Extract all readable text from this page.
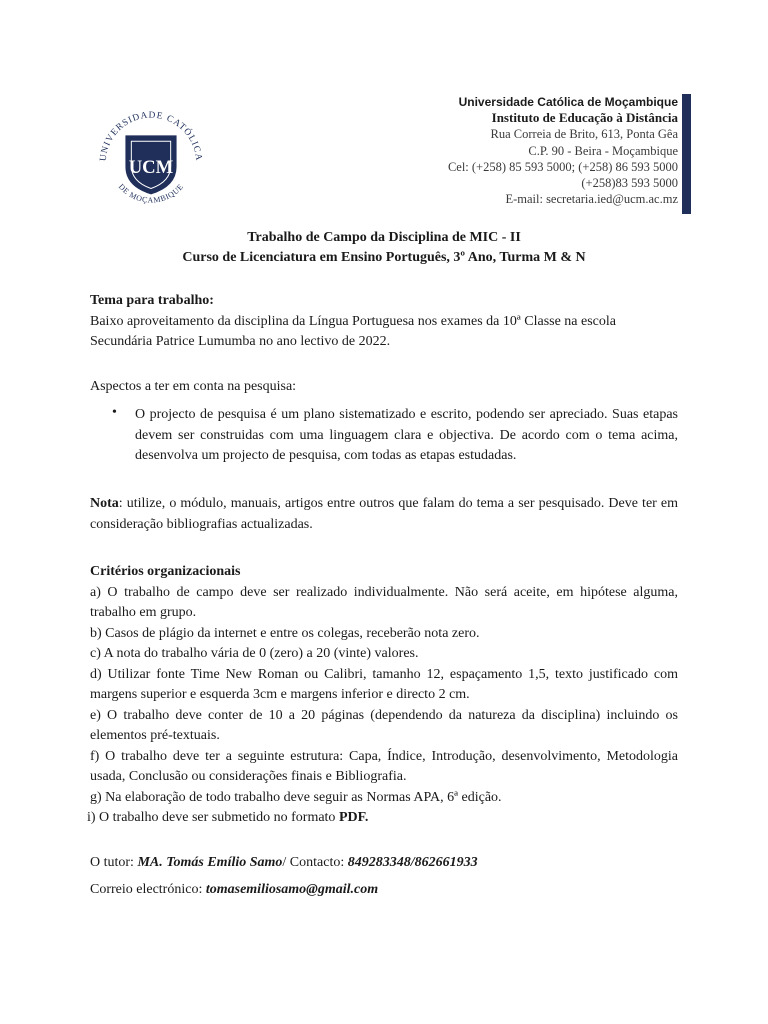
UNIVERSIDADE CATÓLICA
DE MOÇAMBIQUE
UCM
Universidade Católica de Moçambique
Instituto de Educação à Distância
Rua Correia de Brito, 613, Ponta Gêa
C.P. 90 - Beira - Moçambique
Cel: (+258) 85 593 5000; (+258) 86 593 5000
(+258)83 593 5000
E-mail: secretaria.ied@ucm.ac.mz
Trabalho de Campo da Disciplina de MIC - II
Curso de Licenciatura em Ensino Português, 3º Ano, Turma M & N

Tema para trabalho:

Baixo aproveitamento da disciplina da Língua Portuguesa nos exames da 10ª Classe na escola

Secundária Patrice Lumumba no ano lectivo de 2022.

Aspectos a ter em conta na pesquisa:
• O projecto de pesquisa é um plano sistematizado e escrito, podendo ser apreciado. Suas etapas devem ser construidas com uma linguagem clara e objectiva. De acordo com o tema acima, desenvolva um projecto de pesquisa, com todas as etapas estudadas.
Nota: utilize, o módulo, manuais, artigos entre outros que falam do tema a ser pesquisado. Deve ter em consideração bibliografias actualizadas.

Critérios organizacionais

a) O trabalho de campo deve ser realizado individualmente. Não será aceite, em hipótese alguma, trabalho em grupo.

b) Casos de plágio da internet e entre os colegas, receberão nota zero.

c) A nota do trabalho vária de 0 (zero) a 20 (vinte) valores.

d) Utilizar fonte Time New Roman ou Calibri, tamanho 12, espaçamento 1,5, texto justificado com margens superior e esquerda 3cm e margens inferior e directo 2 cm.

e) O trabalho deve conter de 10 a 20 páginas (dependendo da natureza da disciplina) incluindo os elementos pré-textuais.

f) O trabalho deve ter a seguinte estrutura: Capa, Índice, Introdução, desenvolvimento, Metodologia usada, Conclusão ou considerações finais e Bibliografia.

g) Na elaboração de todo trabalho deve seguir as Normas APA, 6ª edição.

i) O trabalho deve ser submetido no formato PDF.

O tutor: MA. Tomás Emílio Samo/ Contacto: 849283348/862661933
Correio electrónico: tomasemiliosamo@gmail.com
